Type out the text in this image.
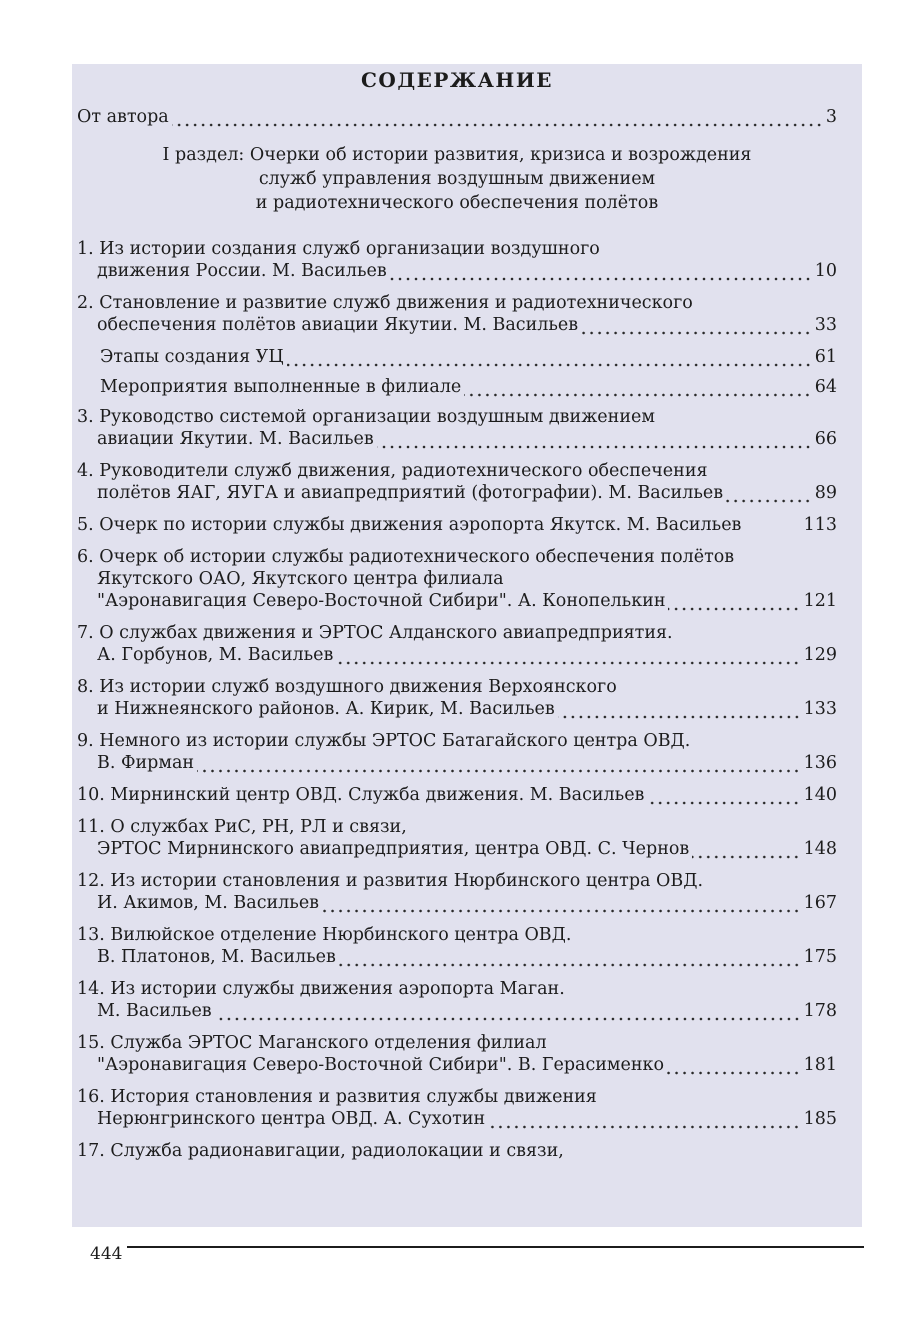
СОДЕРЖАНИЕ
От автора	3
I раздел: Очерки об истории развития, кризиса и возрождения
служб управления воздушным движением
и радиотехнического обеспечения полётов
1. Из истории создания служб организации воздушного
движения России. М. Васильев	10
2. Становление и развитие служб движения и радиотехнического
обеспечения полётов авиации Якутии. М. Васильев	33
Этапы создания УЦ	61
Мероприятия выполненные в филиале	64
3. Руководство системой организации воздушным движением
авиации Якутии. М. Васильев	66
4. Руководители служб движения, радиотехнического обеспечения
полётов ЯАГ, ЯУГА и авиапредприятий (фотографии). М. Васильев	89
5. Очерк по истории службы движения аэропорта Якутск. М. Васильев	113
6. Очерк об истории службы радиотехнического обеспечения полётов
Якутского ОАО, Якутского центра филиала
"Аэронавигация Северо-Восточной Сибири". А. Конопелькин	121
7. О службах движения и ЭРТОС Алданского авиапредприятия.
А. Горбунов, М. Васильев	129
8. Из истории служб воздушного движения Верхоянского
и Нижнеянского районов. А. Кирик, М. Васильев	133
9. Немного из истории службы ЭРТОС Батагайского центра ОВД.
В. Фирман	136
10. Мирнинский центр ОВД. Служба движения. М. Васильев	140
11. О службах РиС, РН, РЛ и связи,
ЭРТОС Мирнинского авиапредприятия, центра ОВД. С. Чернов	148
12. Из истории становления и развития Нюрбинского центра ОВД.
И. Акимов, М. Васильев	167
13. Вилюйское отделение Нюрбинского центра ОВД.
В. Платонов, М. Васильев	175
14. Из истории службы движения аэропорта Маган.
М. Васильев	178
15. Служба ЭРТОС Маганского отделения филиал
"Аэронавигация Северо-Восточной Сибири". В. Герасименко	181
16. История становления и развития службы движения
Нерюнгринского центра ОВД. А. Сухотин	185
17. Служба радионавигации, радиолокации и связи,
444
